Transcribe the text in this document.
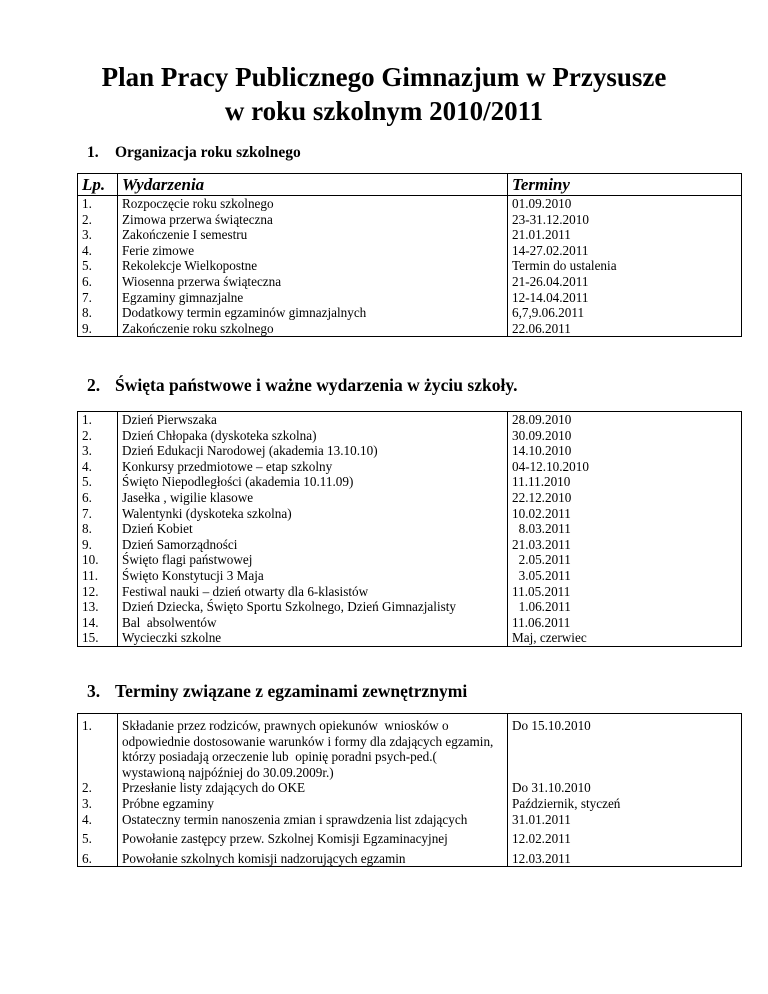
Plan Pracy Publicznego Gimnazjum w Przysusze
w roku szkolnym 2010/2011
1. Organizacja roku szkolnego
Lp.	Wydarzenia	Terminy
1.	Rozpoczęcie roku szkolnego	01.09.2010
2.	Zimowa przerwa świąteczna	23-31.12.2010
3.	Zakończenie I semestru	21.01.2011
4.	Ferie zimowe	14-27.02.2011
5.	Rekolekcje Wielkopostne	Termin do ustalenia
6.	Wiosenna przerwa świąteczna	21-26.04.2011
7.	Egzaminy gimnazjalne	12-14.04.2011
8.	Dodatkowy termin egzaminów gimnazjalnych	6,7,9.06.2011
9.	Zakończenie roku szkolnego	22.06.2011
2. Święta państwowe i ważne wydarzenia w życiu szkoły.
1.	Dzień Pierwszaka	28.09.2010
2.	Dzień Chłopaka (dyskoteka szkolna)	30.09.2010
3.	Dzień Edukacji Narodowej (akademia 13.10.10)	14.10.2010
4.	Konkursy przedmiotowe – etap szkolny	04-12.10.2010
5.	Święto Niepodległości (akademia 10.11.09)	11.11.2010
6.	Jasełka , wigilie klasowe	22.12.2010
7.	Walentynki (dyskoteka szkolna)	10.02.2011
8.	Dzień Kobiet	8.03.2011
9.	Dzień Samorządności	21.03.2011
10.	Święto flagi państwowej	2.05.2011
11.	Święto Konstytucji 3 Maja	3.05.2011
12.	Festiwal nauki – dzień otwarty dla 6-klasistów	11.05.2011
13.	Dzień Dziecka, Święto Sportu Szkolnego, Dzień Gimnazjalisty	1.06.2011
14.	Bal  absolwentów	11.06.2011
15.	Wycieczki szkolne	Maj, czerwiec
3. Terminy związane z egzaminami zewnętrznymi
1.	Składanie przez rodziców, prawnych opiekunów  wniosków o odpowiednie dostosowanie warunków i formy dla zdających egzamin, którzy posiadają orzeczenie lub  opinię poradni psych-ped.( wystawioną najpóźniej do 30.09.2009r.)	Do 15.10.2010
2.	Przesłanie listy zdających do OKE	Do 31.10.2010
3.	Próbne egzaminy	Październik, styczeń
4.	Ostateczny termin nanoszenia zmian i sprawdzenia list zdających	31.01.2011
5.	Powołanie zastępcy przew. Szkolnej Komisji Egzaminacyjnej	12.02.2011
6.	Powołanie szkolnych komisji nadzorujących egzamin	12.03.2011
